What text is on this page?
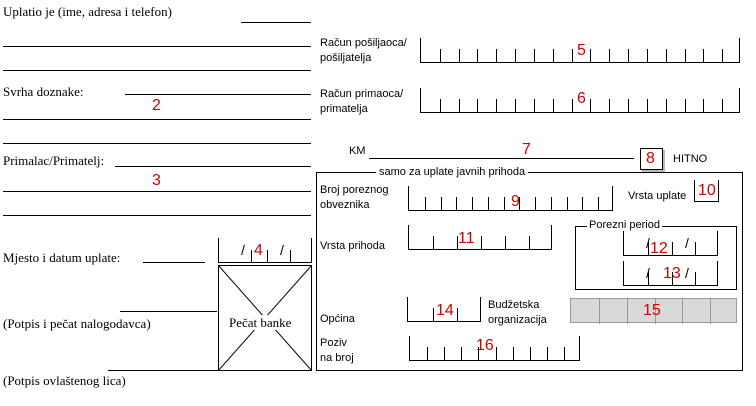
Uplatio je (ime, adresa i telefon)
Svrha doznake:
2
Primalac/Primatelj:
3
Mjesto i datum uplate:	/	/
4
Pečat banke
(Potpis i pečat nalogodavca)
(Potpis ovlaštenog lica)
Račun pošiljaoca/
pošiljatelja	5
Račun primaoca/
primatelja
6
KM	7
8 HITNO
samo za uplate javnih prihoda
Broj poreznog
obveznika	9	Vrsta uplate 10
Vrsta prihoda	11
Porezni period
/	/
12
/	/
13
Općina	14	Budžetska
organizacija
15
Poziv
na broj
16
